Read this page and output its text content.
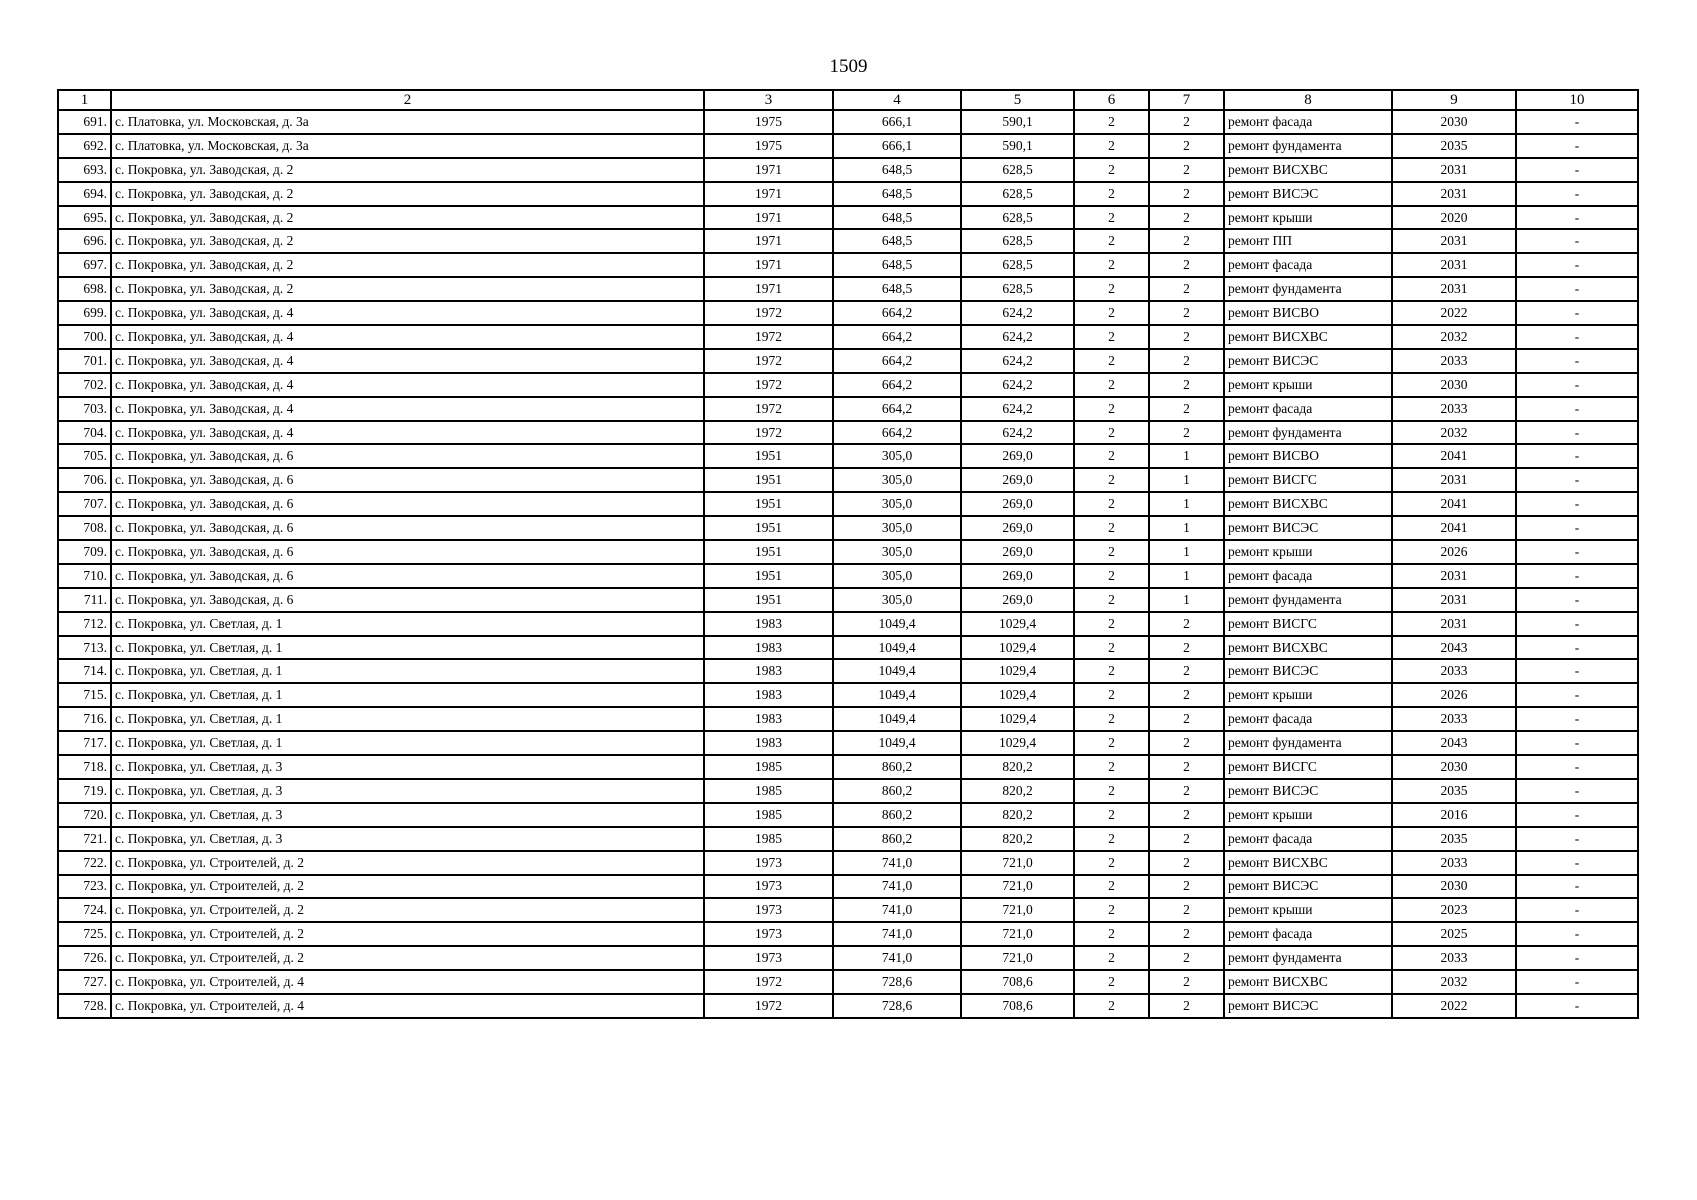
1509
1	2	3	4	5	6	7	8	9	10
691.	с. Платовка, ул. Московская, д. 3а	1975	666,1	590,1	2	2	ремонт фасада	2030	-
692.	с. Платовка, ул. Московская, д. 3а	1975	666,1	590,1	2	2	ремонт фундамента	2035	-
693.	с. Покровка, ул. Заводская, д. 2	1971	648,5	628,5	2	2	ремонт ВИСХВС	2031	-
694.	с. Покровка, ул. Заводская, д. 2	1971	648,5	628,5	2	2	ремонт ВИСЭС	2031	-
695.	с. Покровка, ул. Заводская, д. 2	1971	648,5	628,5	2	2	ремонт крыши	2020	-
696.	с. Покровка, ул. Заводская, д. 2	1971	648,5	628,5	2	2	ремонт ПП	2031	-
697.	с. Покровка, ул. Заводская, д. 2	1971	648,5	628,5	2	2	ремонт фасада	2031	-
698.	с. Покровка, ул. Заводская, д. 2	1971	648,5	628,5	2	2	ремонт фундамента	2031	-
699.	с. Покровка, ул. Заводская, д. 4	1972	664,2	624,2	2	2	ремонт ВИСВО	2022	-
700.	с. Покровка, ул. Заводская, д. 4	1972	664,2	624,2	2	2	ремонт ВИСХВС	2032	-
701.	с. Покровка, ул. Заводская, д. 4	1972	664,2	624,2	2	2	ремонт ВИСЭС	2033	-
702.	с. Покровка, ул. Заводская, д. 4	1972	664,2	624,2	2	2	ремонт крыши	2030	-
703.	с. Покровка, ул. Заводская, д. 4	1972	664,2	624,2	2	2	ремонт фасада	2033	-
704.	с. Покровка, ул. Заводская, д. 4	1972	664,2	624,2	2	2	ремонт фундамента	2032	-
705.	с. Покровка, ул. Заводская, д. 6	1951	305,0	269,0	2	1	ремонт ВИСВО	2041	-
706.	с. Покровка, ул. Заводская, д. 6	1951	305,0	269,0	2	1	ремонт ВИСГС	2031	-
707.	с. Покровка, ул. Заводская, д. 6	1951	305,0	269,0	2	1	ремонт ВИСХВС	2041	-
708.	с. Покровка, ул. Заводская, д. 6	1951	305,0	269,0	2	1	ремонт ВИСЭС	2041	-
709.	с. Покровка, ул. Заводская, д. 6	1951	305,0	269,0	2	1	ремонт крыши	2026	-
710.	с. Покровка, ул. Заводская, д. 6	1951	305,0	269,0	2	1	ремонт фасада	2031	-
711.	с. Покровка, ул. Заводская, д. 6	1951	305,0	269,0	2	1	ремонт фундамента	2031	-
712.	с. Покровка, ул. Светлая, д. 1	1983	1049,4	1029,4	2	2	ремонт ВИСГС	2031	-
713.	с. Покровка, ул. Светлая, д. 1	1983	1049,4	1029,4	2	2	ремонт ВИСХВС	2043	-
714.	с. Покровка, ул. Светлая, д. 1	1983	1049,4	1029,4	2	2	ремонт ВИСЭС	2033	-
715.	с. Покровка, ул. Светлая, д. 1	1983	1049,4	1029,4	2	2	ремонт крыши	2026	-
716.	с. Покровка, ул. Светлая, д. 1	1983	1049,4	1029,4	2	2	ремонт фасада	2033	-
717.	с. Покровка, ул. Светлая, д. 1	1983	1049,4	1029,4	2	2	ремонт фундамента	2043	-
718.	с. Покровка, ул. Светлая, д. 3	1985	860,2	820,2	2	2	ремонт ВИСГС	2030	-
719.	с. Покровка, ул. Светлая, д. 3	1985	860,2	820,2	2	2	ремонт ВИСЭС	2035	-
720.	с. Покровка, ул. Светлая, д. 3	1985	860,2	820,2	2	2	ремонт крыши	2016	-
721.	с. Покровка, ул. Светлая, д. 3	1985	860,2	820,2	2	2	ремонт фасада	2035	-
722.	с. Покровка, ул. Строителей, д. 2	1973	741,0	721,0	2	2	ремонт ВИСХВС	2033	-
723.	с. Покровка, ул. Строителей, д. 2	1973	741,0	721,0	2	2	ремонт ВИСЭС	2030	-
724.	с. Покровка, ул. Строителей, д. 2	1973	741,0	721,0	2	2	ремонт крыши	2023	-
725.	с. Покровка, ул. Строителей, д. 2	1973	741,0	721,0	2	2	ремонт фасада	2025	-
726.	с. Покровка, ул. Строителей, д. 2	1973	741,0	721,0	2	2	ремонт фундамента	2033	-
727.	с. Покровка, ул. Строителей, д. 4	1972	728,6	708,6	2	2	ремонт ВИСХВС	2032	-
728.	с. Покровка, ул. Строителей, д. 4	1972	728,6	708,6	2	2	ремонт ВИСЭС	2022	-
